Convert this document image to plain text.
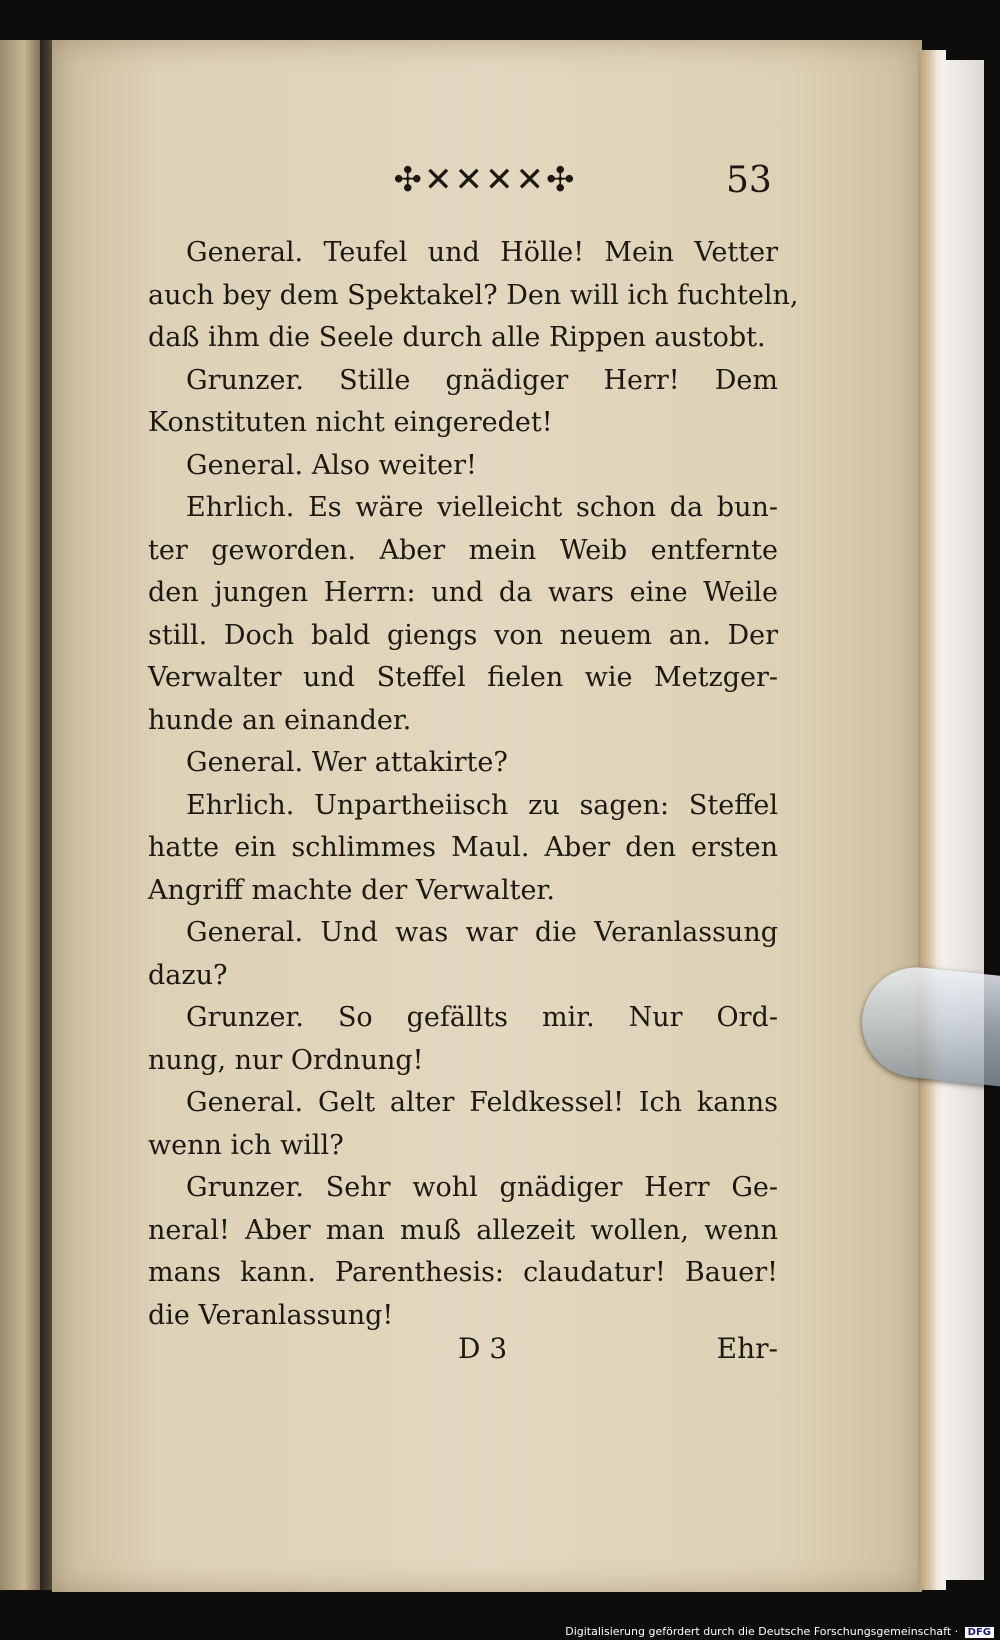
✣✕✕✕✕✣	53
General. Teufel und Hölle! Mein Vetter
auch bey dem Spektakel? Den will ich fuchteln,
daß ihm die Seele durch alle Rippen austobt.
Grunzer. Stille gnädiger Herr! Dem
Konstituten nicht eingeredet!
General. Also weiter!
Ehrlich. Es wäre vielleicht schon da bun-
ter geworden. Aber mein Weib entfernte
den jungen Herrn: und da wars eine Weile
still. Doch bald giengs von neuem an. Der
Verwalter und Steffel fielen wie Metzger-
hunde an einander.
General. Wer attakirte?
Ehrlich. Unpartheiisch zu sagen: Steffel
hatte ein schlimmes Maul. Aber den ersten
Angriff machte der Verwalter.
General. Und was war die Veranlassung
dazu?
Grunzer. So gefällts mir. Nur Ord-
nung, nur Ordnung!
General. Gelt alter Feldkessel! Ich kanns
wenn ich will?
Grunzer. Sehr wohl gnädiger Herr Ge-
neral! Aber man muß allezeit wollen, wenn
mans kann. Parenthesis: claudatur! Bauer!
die Veranlassung!
D 3	Ehr-
Digitalisierung gefördert durch die Deutsche Forschungsgemeinschaft · DFG
